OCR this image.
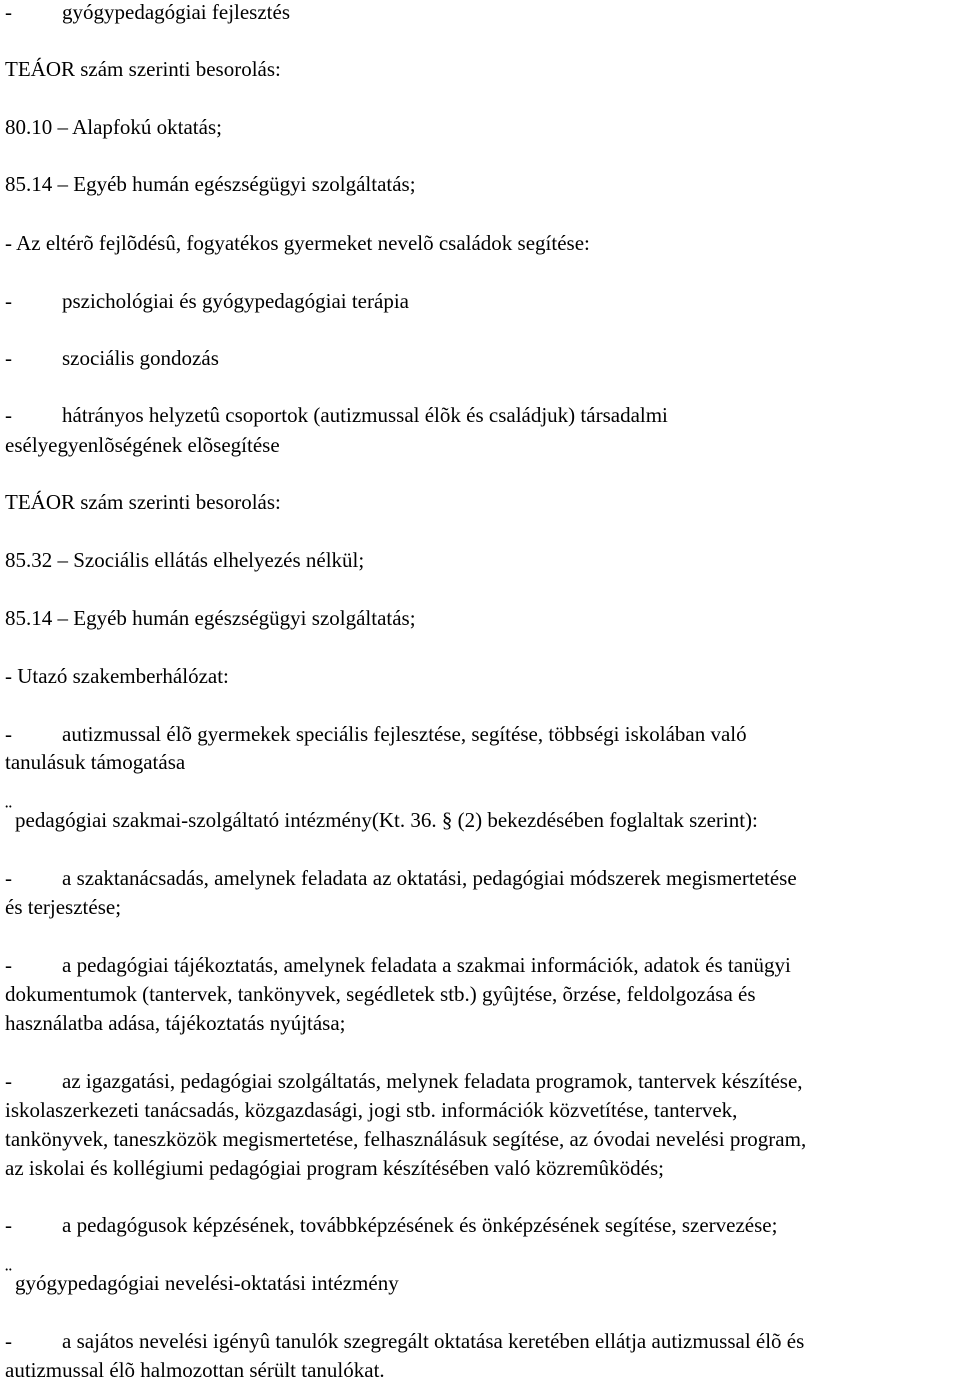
- gyógypedagógiai fejlesztés
TEÁOR szám szerinti besorolás:
80.10 – Alapfokú oktatás;
85.14 – Egyéb humán egészségügyi szolgáltatás;
- Az eltérõ fejlõdésû, fogyatékos gyermeket nevelõ családok segítése:
- pszichológiai és gyógypedagógiai terápia
- szociális gondozás
- hátrányos helyzetû csoportok (autizmussal élõk és családjuk) társadalmi
esélyegyenlõségének elõsegítése
TEÁOR szám szerinti besorolás:
85.32 – Szociális ellátás elhelyezés nélkül;
85.14 – Egyéb humán egészségügyi szolgáltatás;
- Utazó szakemberhálózat:
- autizmussal élõ gyermekek speciális fejlesztése, segítése, többségi iskolában való
tanulásuk támogatása
¨ pedagógiai szakmai-szolgáltató intézmény(Kt. 36. § (2) bekezdésében foglaltak szerint):
- a szaktanácsadás, amelynek feladata az oktatási, pedagógiai módszerek megismertetése
és terjesztése;
- a pedagógiai tájékoztatás, amelynek feladata a szakmai információk, adatok és tanügyi
dokumentumok (tantervek, tankönyvek, segédletek stb.) gyûjtése, õrzése, feldolgozása és
használatba adása, tájékoztatás nyújtása;
- az igazgatási, pedagógiai szolgáltatás, melynek feladata programok, tantervek készítése,
iskolaszerkezeti tanácsadás, közgazdasági, jogi stb. információk közvetítése, tantervek,
tankönyvek, taneszközök megismertetése, felhasználásuk segítése, az óvodai nevelési program,
az iskolai és kollégiumi pedagógiai program készítésében való közremûködés;
- a pedagógusok képzésének, továbbképzésének és önképzésének segítése, szervezése;
¨ gyógypedagógiai nevelési-oktatási intézmény
- a sajátos nevelési igényû tanulók szegregált oktatása keretében ellátja autizmussal élõ és
autizmussal élõ halmozottan sérült tanulókat.
